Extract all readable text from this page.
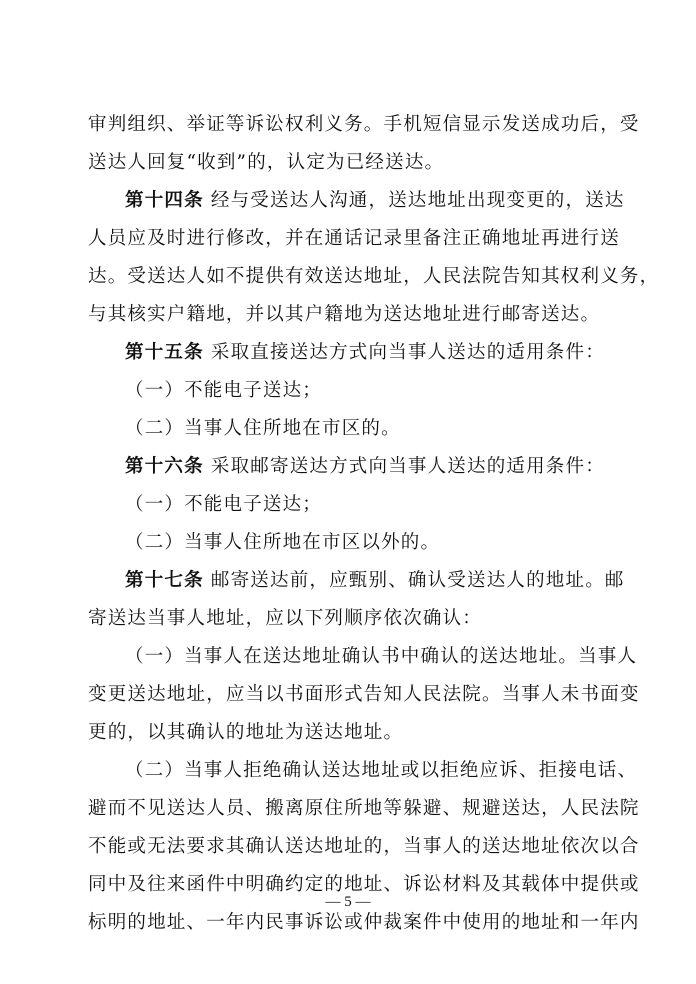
审判组织、举证等诉讼权利义务。手机短信显示发送成功后，受
送达人回复“收到”的，认定为已经送达。
第十四条 经与受送达人沟通，送达地址出现变更的，送达
人员应及时进行修改，并在通话记录里备注正确地址再进行送
达。受送达人如不提供有效送达地址，人民法院告知其权利义务，
与其核实户籍地，并以其户籍地为送达地址进行邮寄送达。
第十五条 采取直接送达方式向当事人送达的适用条件：
（一）不能电子送达；
（二）当事人住所地在市区的。
第十六条 采取邮寄送达方式向当事人送达的适用条件：
（一）不能电子送达；
（二）当事人住所地在市区以外的。
第十七条 邮寄送达前，应甄别、确认受送达人的地址。邮
寄送达当事人地址，应以下列顺序依次确认：
（一）当事人在送达地址确认书中确认的送达地址。当事人
变更送达地址，应当以书面形式告知人民法院。当事人未书面变
更的，以其确认的地址为送达地址。
（二）当事人拒绝确认送达地址或以拒绝应诉、拒接电话、
避而不见送达人员、搬离原住所地等躲避、规避送达，人民法院
不能或无法要求其确认送达地址的，当事人的送达地址依次以合
同中及往来函件中明确约定的地址、诉讼材料及其载体中提供或
标明的地址、一年内民事诉讼或仲裁案件中使用的地址和一年内
— 5 —
